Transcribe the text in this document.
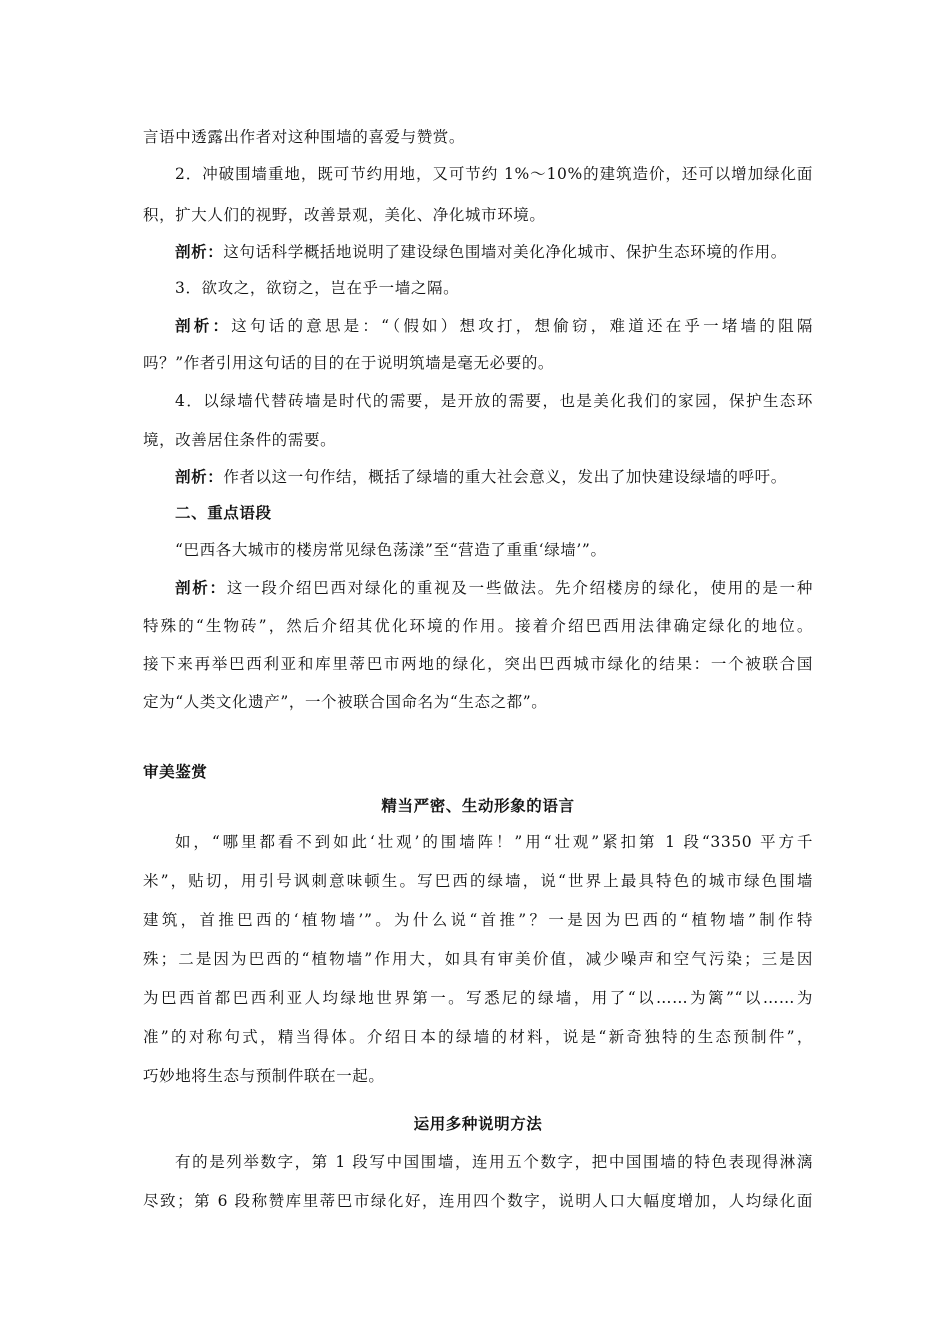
言语中透露出作者对这种围墙的喜爱与赞赏。
2．冲破围墙重地，既可节约用地，又可节约 1%～10%的建筑造价，还可以增加绿化面
积，扩大人们的视野，改善景观，美化、净化城市环境。
剖析：这句话科学概括地说明了建设绿色围墙对美化净化城市、保护生态环境的作用。
3．欲攻之，欲窃之，岂在乎一墙之隔。
剖析：这句话的意思是：“（假如）想攻打，想偷窃，难道还在乎一堵墙的阻隔
吗？”作者引用这句话的目的在于说明筑墙是毫无必要的。
4．以绿墙代替砖墙是时代的需要，是开放的需要，也是美化我们的家园，保护生态环
境，改善居住条件的需要。
剖析：作者以这一句作结，概括了绿墙的重大社会意义，发出了加快建设绿墙的呼吁。
二、重点语段
“巴西各大城市的楼房常见绿色荡漾”至“营造了重重‘绿墙’”。
剖析：这一段介绍巴西对绿化的重视及一些做法。先介绍楼房的绿化，使用的是一种
特殊的“生物砖”，然后介绍其优化环境的作用。接着介绍巴西用法律确定绿化的地位。
接下来再举巴西利亚和库里蒂巴市两地的绿化，突出巴西城市绿化的结果：一个被联合国
定为“人类文化遗产”，一个被联合国命名为“生态之都”。
审美鉴赏
精当严密、生动形象的语言
如，“哪里都看不到如此‘壮观’的围墙阵！”用“壮观”紧扣第 1 段“3350 平方千
米”，贴切，用引号讽刺意味顿生。写巴西的绿墙，说“世界上最具特色的城市绿色围墙
建筑，首推巴西的‘植物墙’”。为什么说“首推”？一是因为巴西的“植物墙”制作特
殊；二是因为巴西的“植物墙”作用大，如具有审美价值，减少噪声和空气污染；三是因
为巴西首都巴西利亚人均绿地世界第一。写悉尼的绿墙，用了“以……为篱”“以……为
准”的对称句式，精当得体。介绍日本的绿墙的材料，说是“新奇独特的生态预制件”，
巧妙地将生态与预制件联在一起。
运用多种说明方法
有的是列举数字，第 1 段写中国围墙，连用五个数字，把中国围墙的特色表现得淋漓
尽致；第 6 段称赞库里蒂巴市绿化好，连用四个数字，说明人口大幅度增加，人均绿化面
